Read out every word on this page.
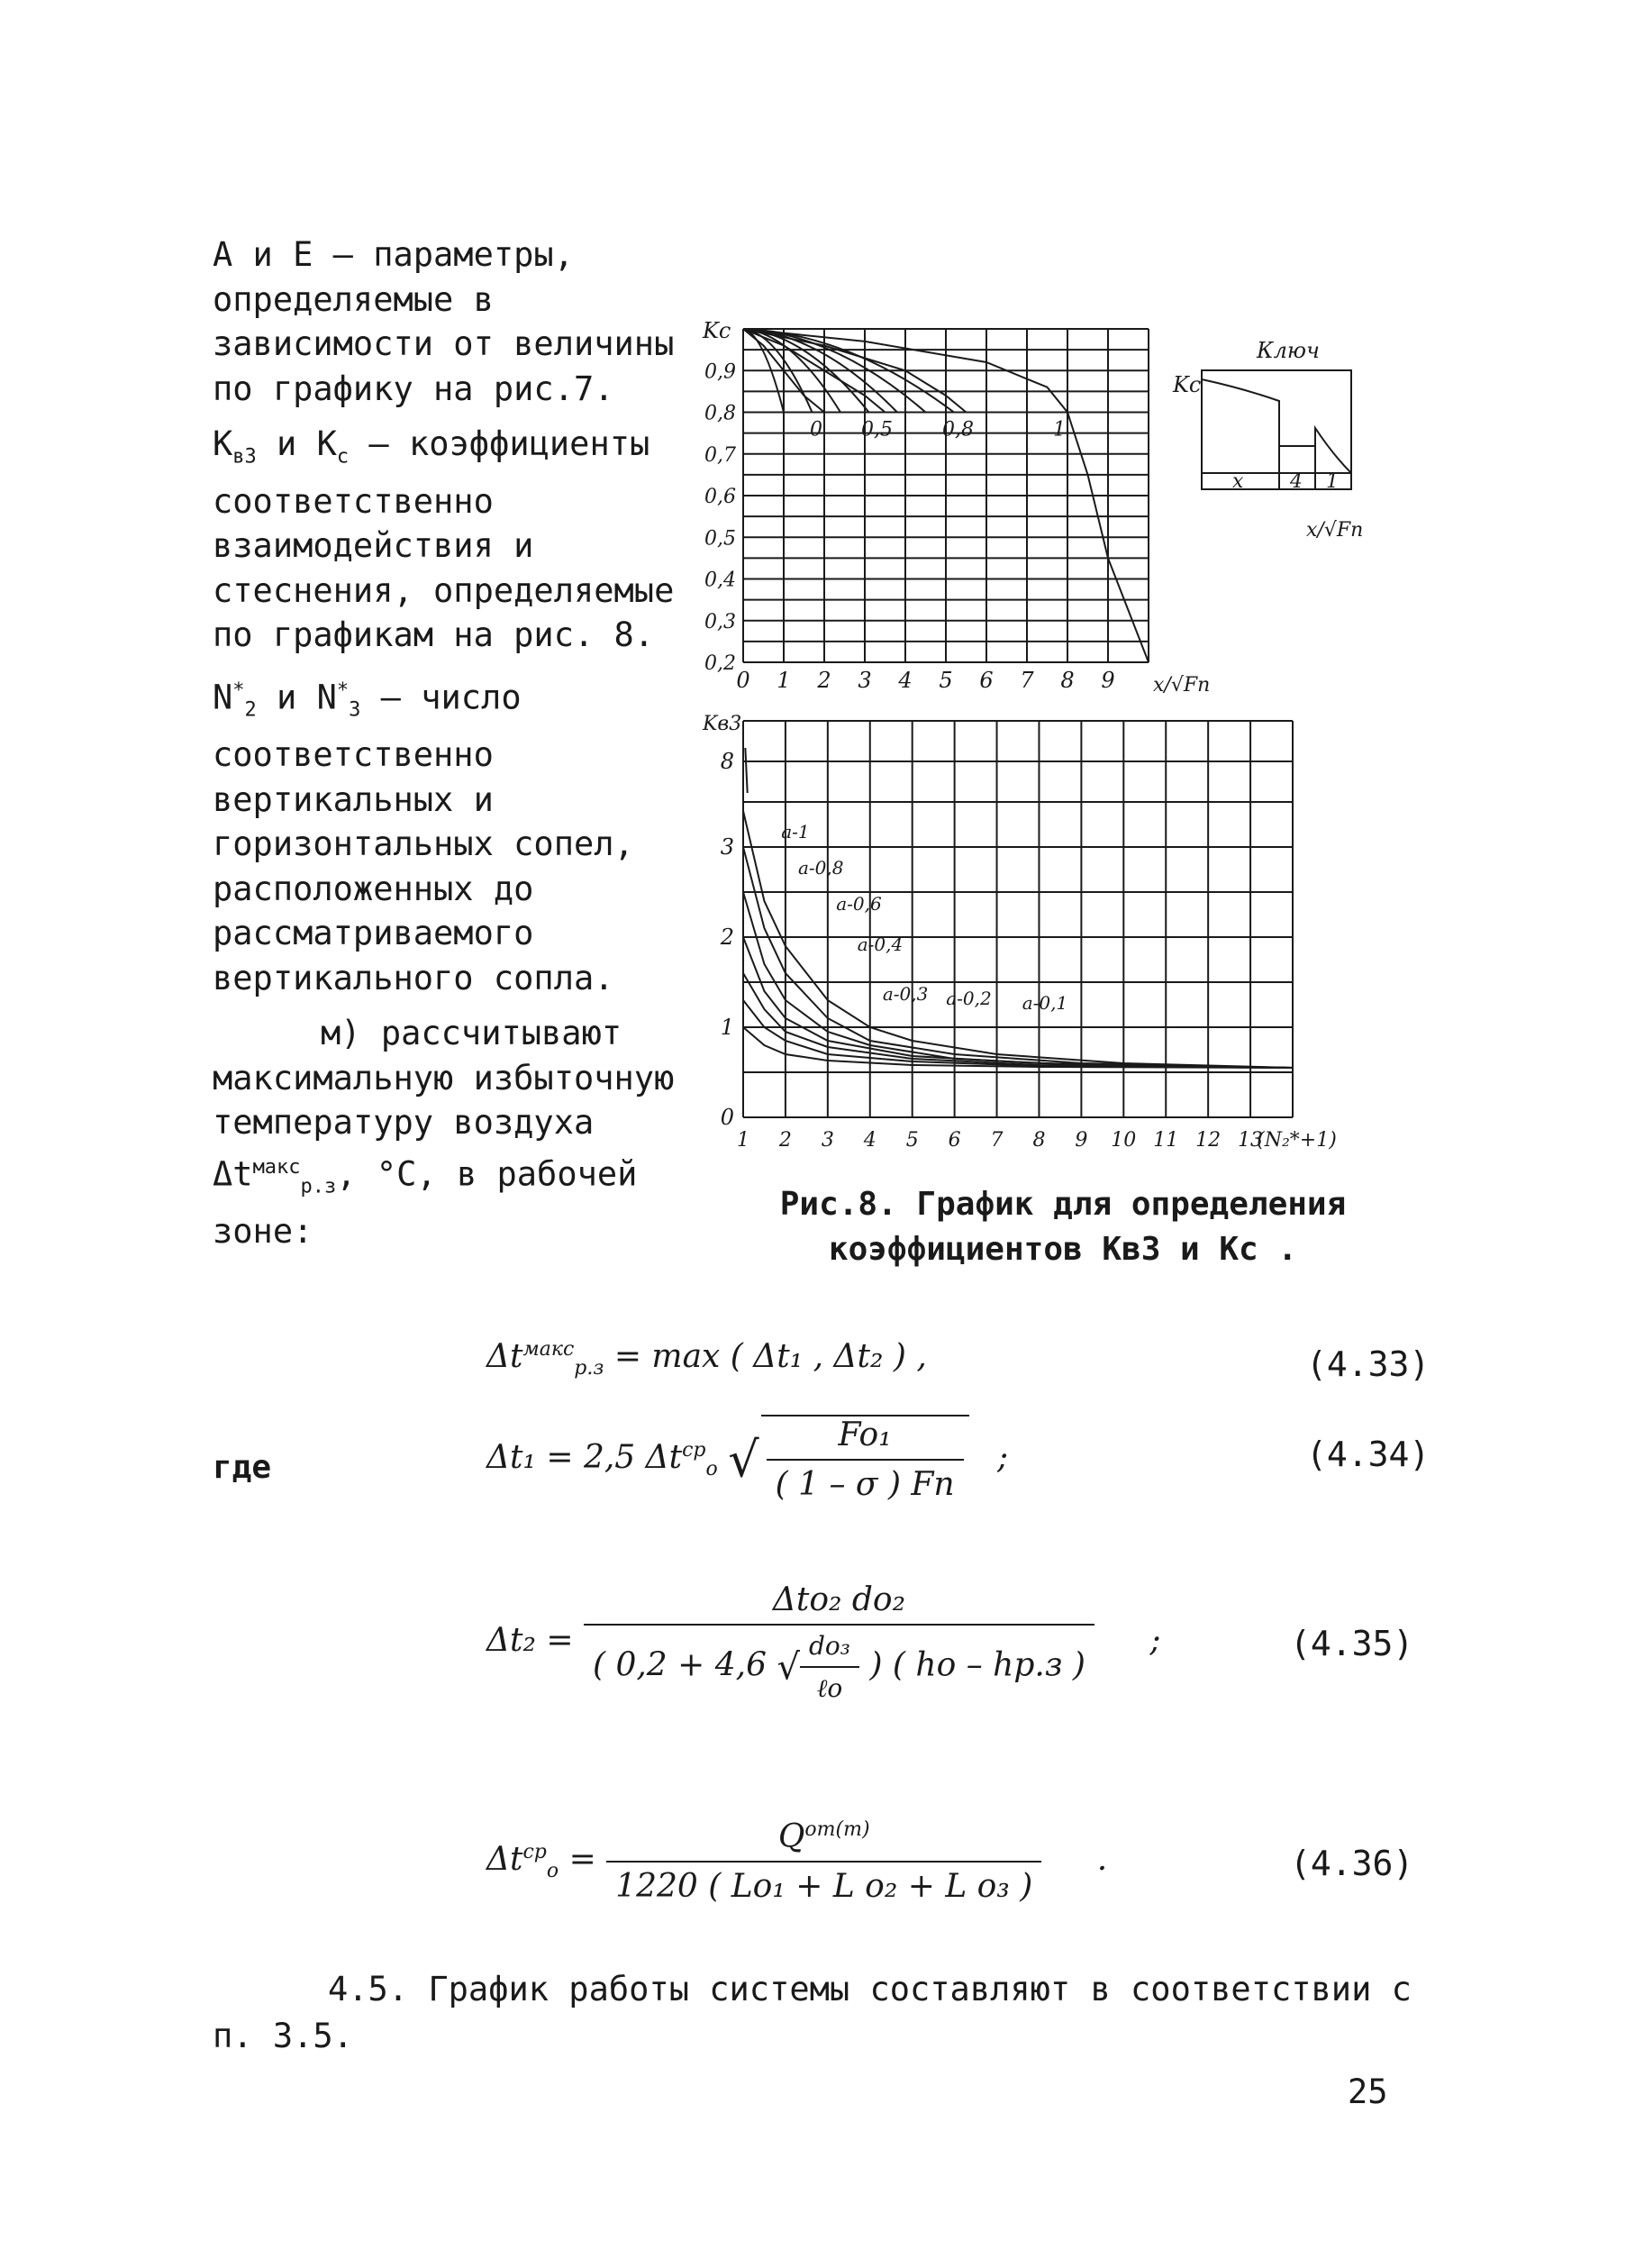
А и Е – параметры, определяемые в зависимости от величины по графику на рис.7.

$K_{в3}$ и $K_c$ – коэффициенты соответственно взаимодействия и стеснения, определяемые по графикам на рис. 8.

$N^*_2$ и $N^*_3$ – число соответственно вертикальных и горизонтальных сопел, расположенных до рассматриваемого вертикального сопла.

м) рассчитывают максимальную избыточную температуру воздуха $\Delta t^{макс}_{р.з}$, °С, в рабочей зоне:

0,9
0,8
0,7
0,6
0,5
0,4
0,3
0,2
0 1 2 3 4 5 6 7 8 9
Kc
x/√Fп
0 0,5	0,8	1
Ключ
Kc
x 4 1
x/√Fп
8
3
2
1
0
1 2 3 4 5 6 7 8 9 10 11 12 13
Kв3
(N₂*+1)
a-1
a-0,8
a-0,6
a-0,4
a-0,3 a-0,2 a-0,1
Рис.8. График для определения
коэффициентов Kв3 и Kc .
$\Delta t^{макс}_{р.з} = \max$ ( Δt₁ , Δt₂ ) ,	(4.33)
где	Δt₁ = 2,5 $\Delta t^{ср}_o$ √ $\frac{\text{Fo₁}}{( 1 - \sigma ) Fп}$ ;	(4.34)
$\Delta t_2 = \frac{\text{Δto₂ do₂}}{( 0,2 + 4,6 √ \frac{\text{do₃}}{\text{ℓo}} ) ( ho - hр.з )}$ ;	(4.35)
$\Delta t^{ср}_o = \frac{Q^{от(т)}}{\text{1220 ( Lo₁ + L o₂ + L o₃ )}}$ .	(4.36)
4.5. График работы системы составляют в соответствии с п. 3.5.
25
